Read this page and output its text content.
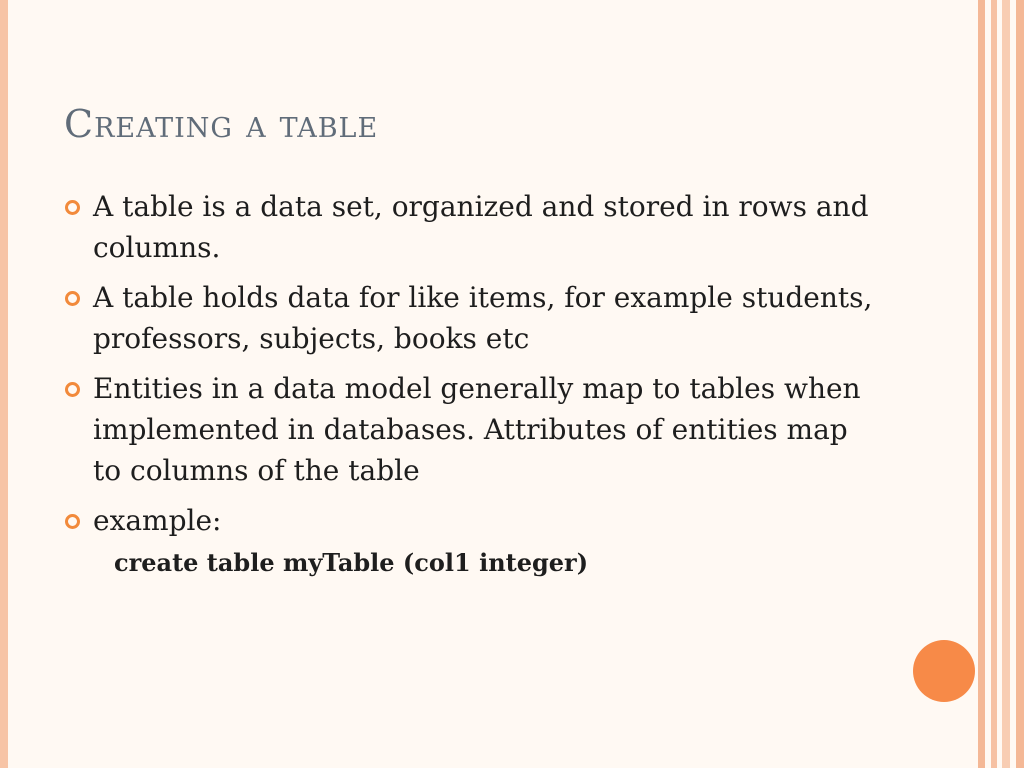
Creating a table
A table is a data set, organized and stored in rows and columns.
A table holds data for like items, for example students, professors, subjects, books etc
Entities in a data model generally map to tables when implemented in databases. Attributes of entities map to columns of the table
example:
create table myTable (col1 integer)
